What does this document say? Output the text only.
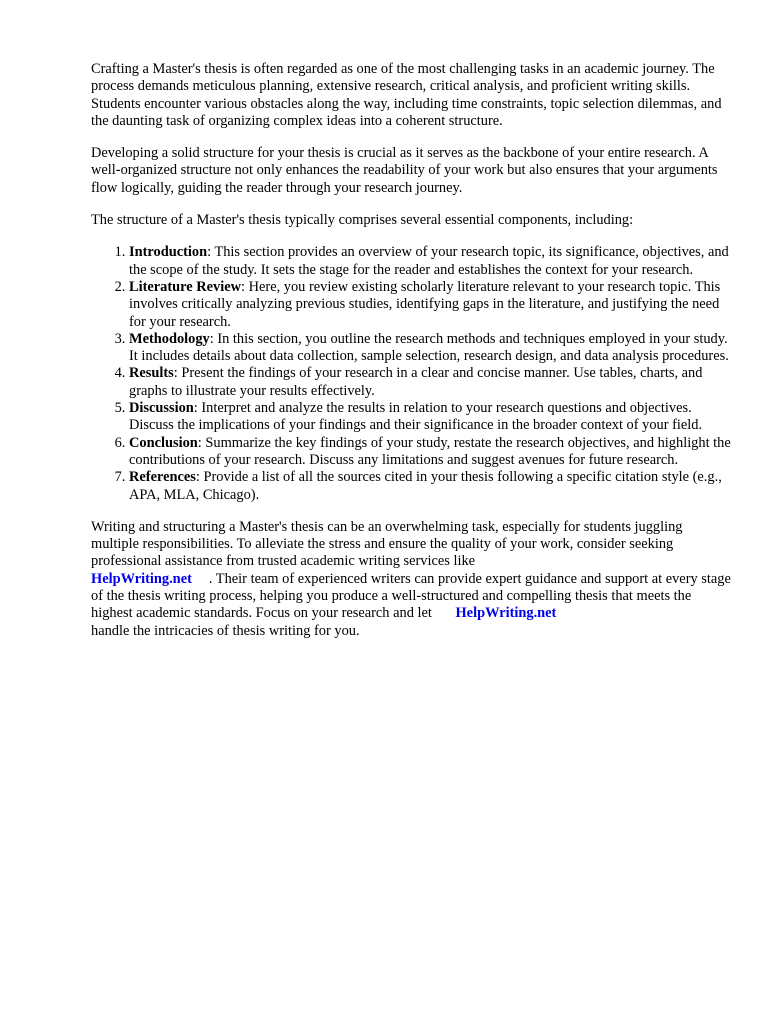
Crafting a Master's thesis is often regarded as one of the most challenging tasks in an academic journey. The process demands meticulous planning, extensive research, critical analysis, and proficient writing skills. Students encounter various obstacles along the way, including time constraints, topic selection dilemmas, and the daunting task of organizing complex ideas into a coherent structure.

Developing a solid structure for your thesis is crucial as it serves as the backbone of your entire research. A well-organized structure not only enhances the readability of your work but also ensures that your arguments flow logically, guiding the reader through your research journey.

The structure of a Master's thesis typically comprises several essential components, including:

1. Introduction: This section provides an overview of your research topic, its significance, objectives, and the scope of the study. It sets the stage for the reader and establishes the context for your research.
2. Literature Review: Here, you review existing scholarly literature relevant to your research topic. This involves critically analyzing previous studies, identifying gaps in the literature, and justifying the need for your research.
3. Methodology: In this section, you outline the research methods and techniques employed in your study. It includes details about data collection, sample selection, research design, and data analysis procedures.
4. Results: Present the findings of your research in a clear and concise manner. Use tables, charts, and graphs to illustrate your results effectively.
5. Discussion: Interpret and analyze the results in relation to your research questions and objectives. Discuss the implications of your findings and their significance in the broader context of your field.
6. Conclusion: Summarize the key findings of your study, restate the research objectives, and highlight the contributions of your research. Discuss any limitations and suggest avenues for future research.
7. References: Provide a list of all the sources cited in your thesis following a specific citation style (e.g., APA, MLA, Chicago).

Writing and structuring a Master's thesis can be an overwhelming task, especially for students juggling multiple responsibilities. To alleviate the stress and ensure the quality of your work, consider seeking professional assistance from trusted academic writing services like
HelpWriting.net . Their team of experienced writers can provide expert guidance and support at every stage of the thesis writing process, helping you produce a well-structured and compelling thesis that meets the highest academic standards. Focus on your research and let HelpWriting.net
handle the intricacies of thesis writing for you.
